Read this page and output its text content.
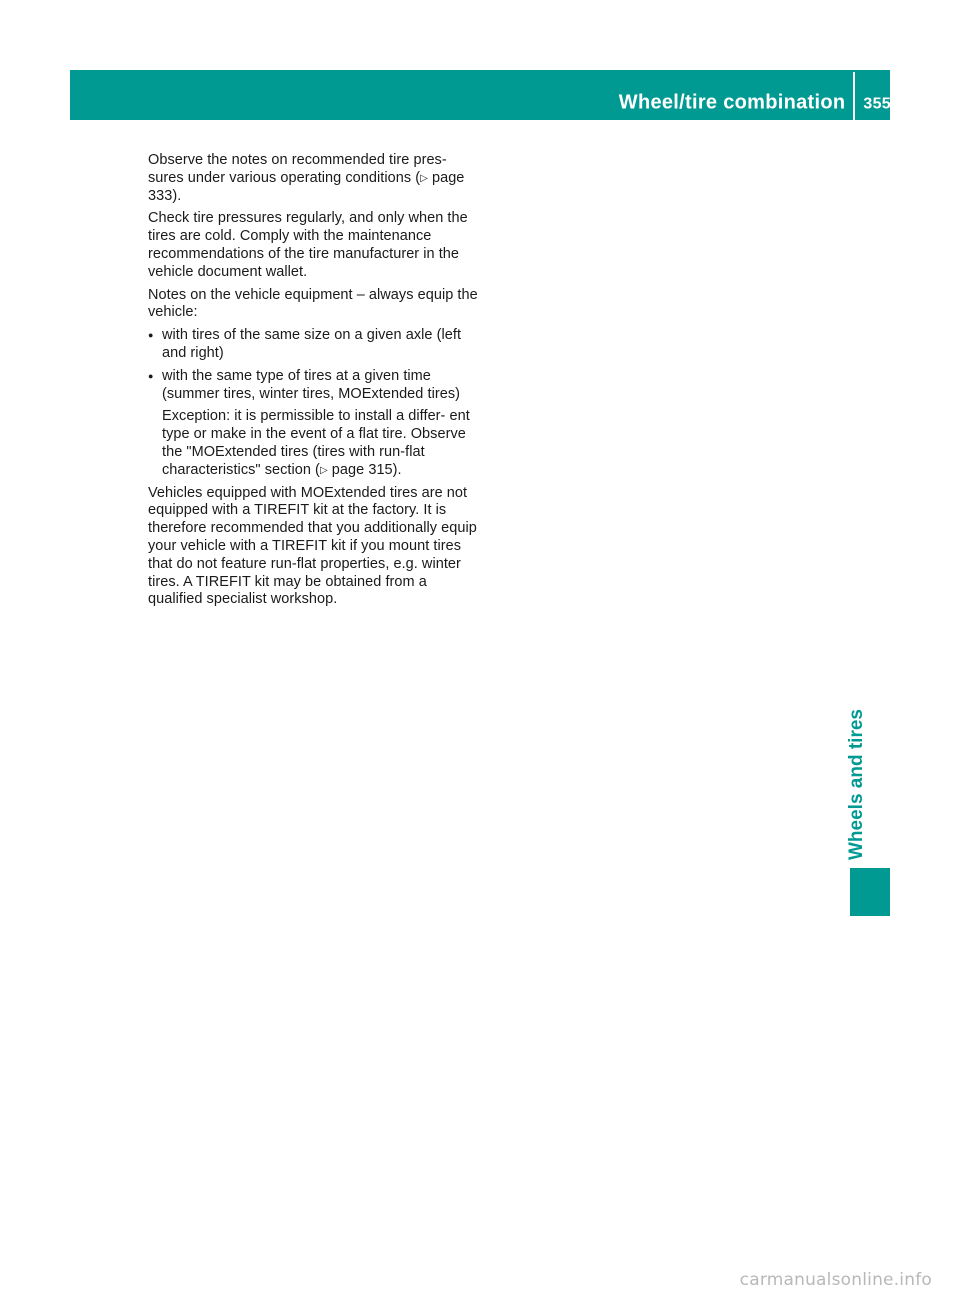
Wheel/tire combination 355

Observe the notes on recommended tire pres- sures under various operating conditions (▷ page 333).

Check tire pressures regularly, and only when the tires are cold. Comply with the maintenance recommendations of the tire manufacturer in the vehicle document wallet.

Notes on the vehicle equipment – always equip the vehicle:

● with tires of the same size on a given axle (left and right)
● with the same type of tires at a given time (summer tires, winter tires, MOExtended tires)
Exception: it is permissible to install a differ- ent type or make in the event of a flat tire. Observe the "MOExtended tires (tires with run-flat characteristics" section (▷ page 315).

Vehicles equipped with MOExtended tires are not equipped with a TIREFIT kit at the factory. It is therefore recommended that you additionally equip your vehicle with a TIREFIT kit if you mount tires that do not feature run-flat properties, e.g. winter tires. A TIREFIT kit may be obtained from a qualified specialist workshop.

Wheels and tires
carmanualsonline.info
